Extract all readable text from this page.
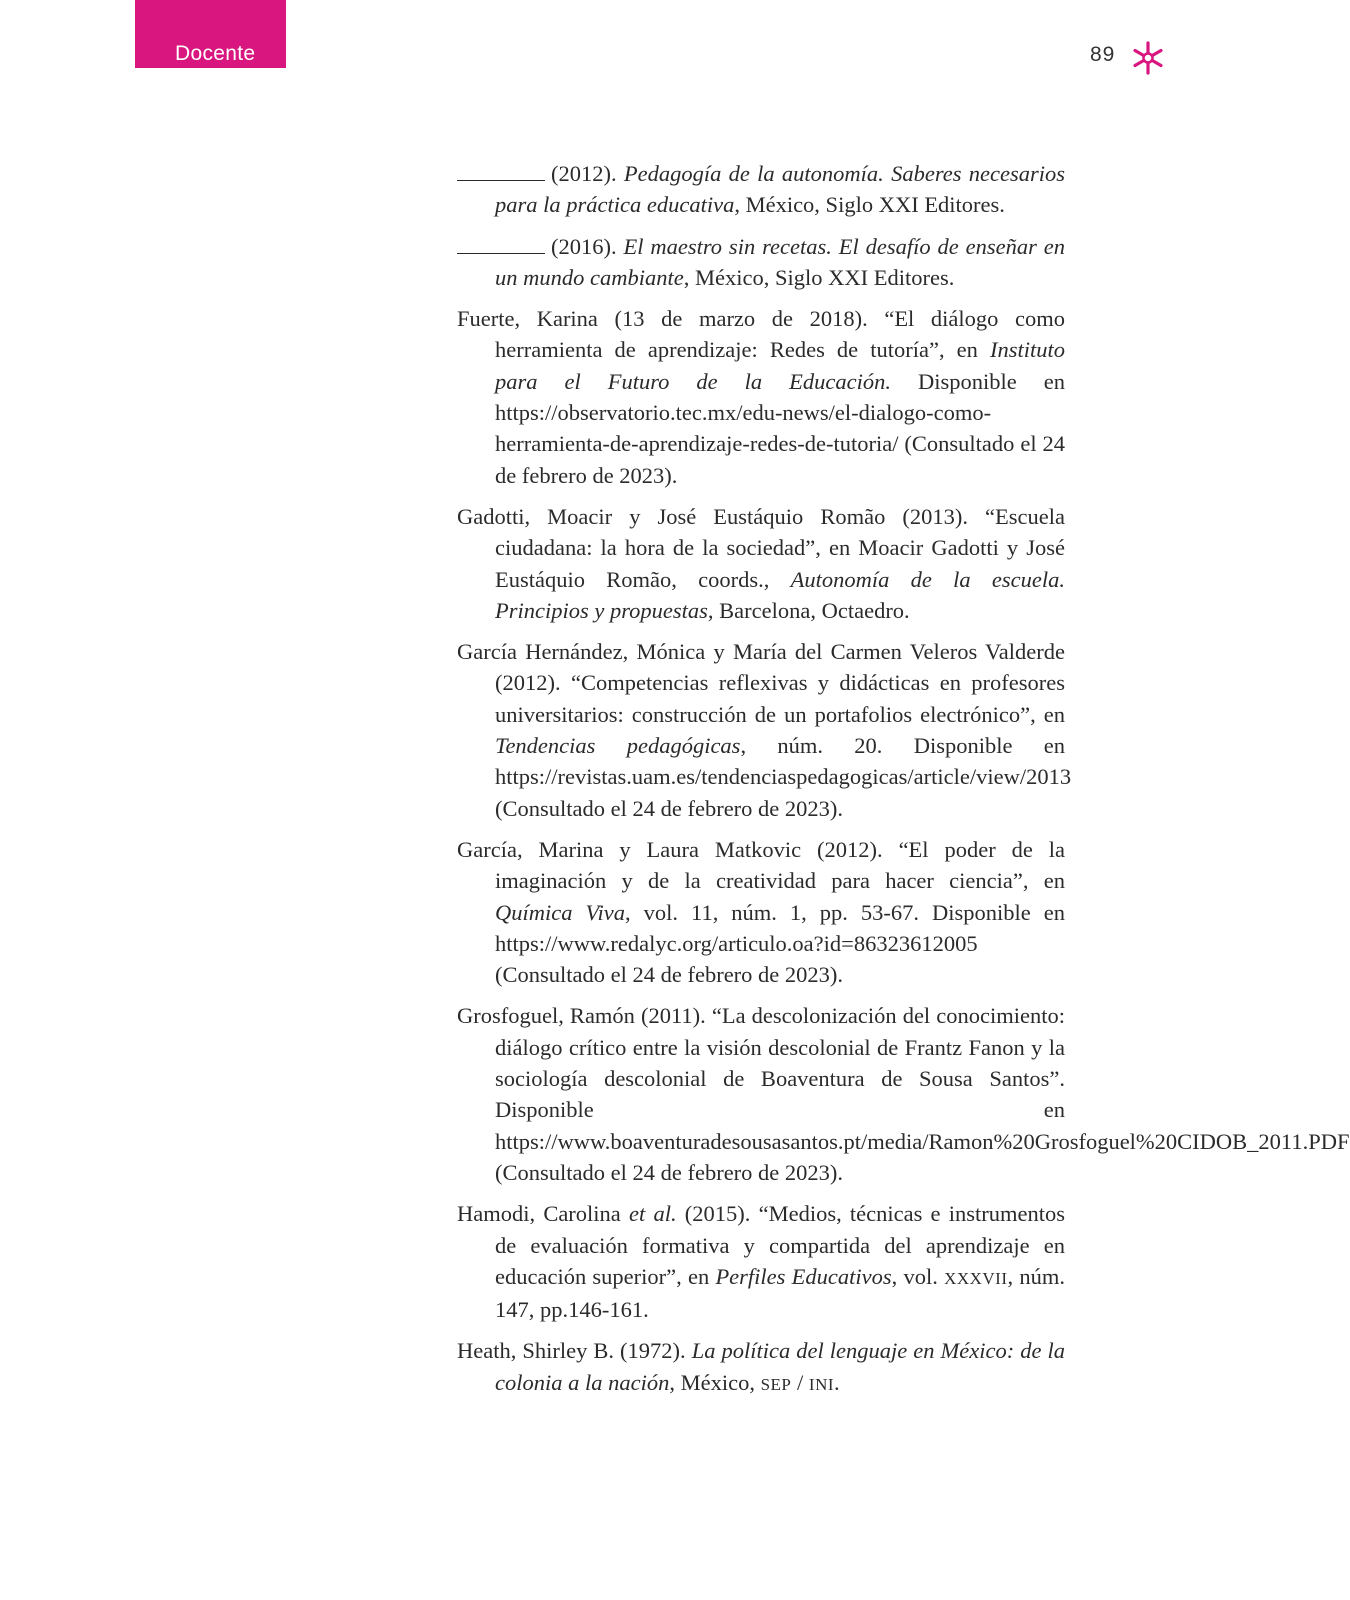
Docente	89

(2012). Pedagogía de la autonomía. Saberes necesarios para la práctica educativa, México, Siglo XXI Editores.

(2016). El maestro sin recetas. El desafío de enseñar en un mundo cambiante, México, Siglo XXI Editores.

Fuerte, Karina (13 de marzo de 2018). “El diálogo como herramienta de aprendizaje: Redes de tutoría”, en Instituto para el Futuro de la Educación. Disponible en https://observatorio.tec.mx/edu-news/el-dialogo-como-herramienta-de-aprendizaje-redes-de-tutoria/ (Consultado el 24 de febrero de 2023).

Gadotti, Moacir y José Eustáquio Romão (2013). “Escuela ciudadana: la hora de la sociedad”, en Moacir Gadotti y José Eustáquio Romão, coords., Autonomía de la escuela. Principios y propuestas, Barcelona, Octaedro.

García Hernández, Mónica y María del Carmen Veleros Valderde (2012). “Competencias reflexivas y didácticas en profesores universitarios: construcción de un portafolios electrónico”, en Tendencias pedagógicas, núm. 20. Disponible en https://revistas.uam.es/tendenciaspedagogicas/article/view/2013 (Consultado el 24 de febrero de 2023).

García, Marina y Laura Matkovic (2012). “El poder de la imaginación y de la creatividad para hacer ciencia”, en Química Viva, vol. 11, núm. 1, pp. 53-67. Disponible en https://www.redalyc.org/articulo.oa?id=86323612005 (Consultado el 24 de febrero de 2023).

Grosfoguel, Ramón (2011). “La descolonización del conocimiento: diálogo crítico entre la visión descolonial de Frantz Fanon y la sociología descolonial de Boaventura de Sousa Santos”. Disponible en https://www.boaventuradesousasantos.pt/media/Ramon%20Grosfoguel%20CIDOB_2011.PDF (Consultado el 24 de febrero de 2023).

Hamodi, Carolina et al. (2015). “Medios, técnicas e instrumentos de evaluación formativa y compartida del aprendizaje en educación superior”, en Perfiles Educativos, vol. XXXVII, núm. 147, pp.146-161.

Heath, Shirley B. (1972). La política del lenguaje en México: de la colonia a la nación, México, SEP / INI.
